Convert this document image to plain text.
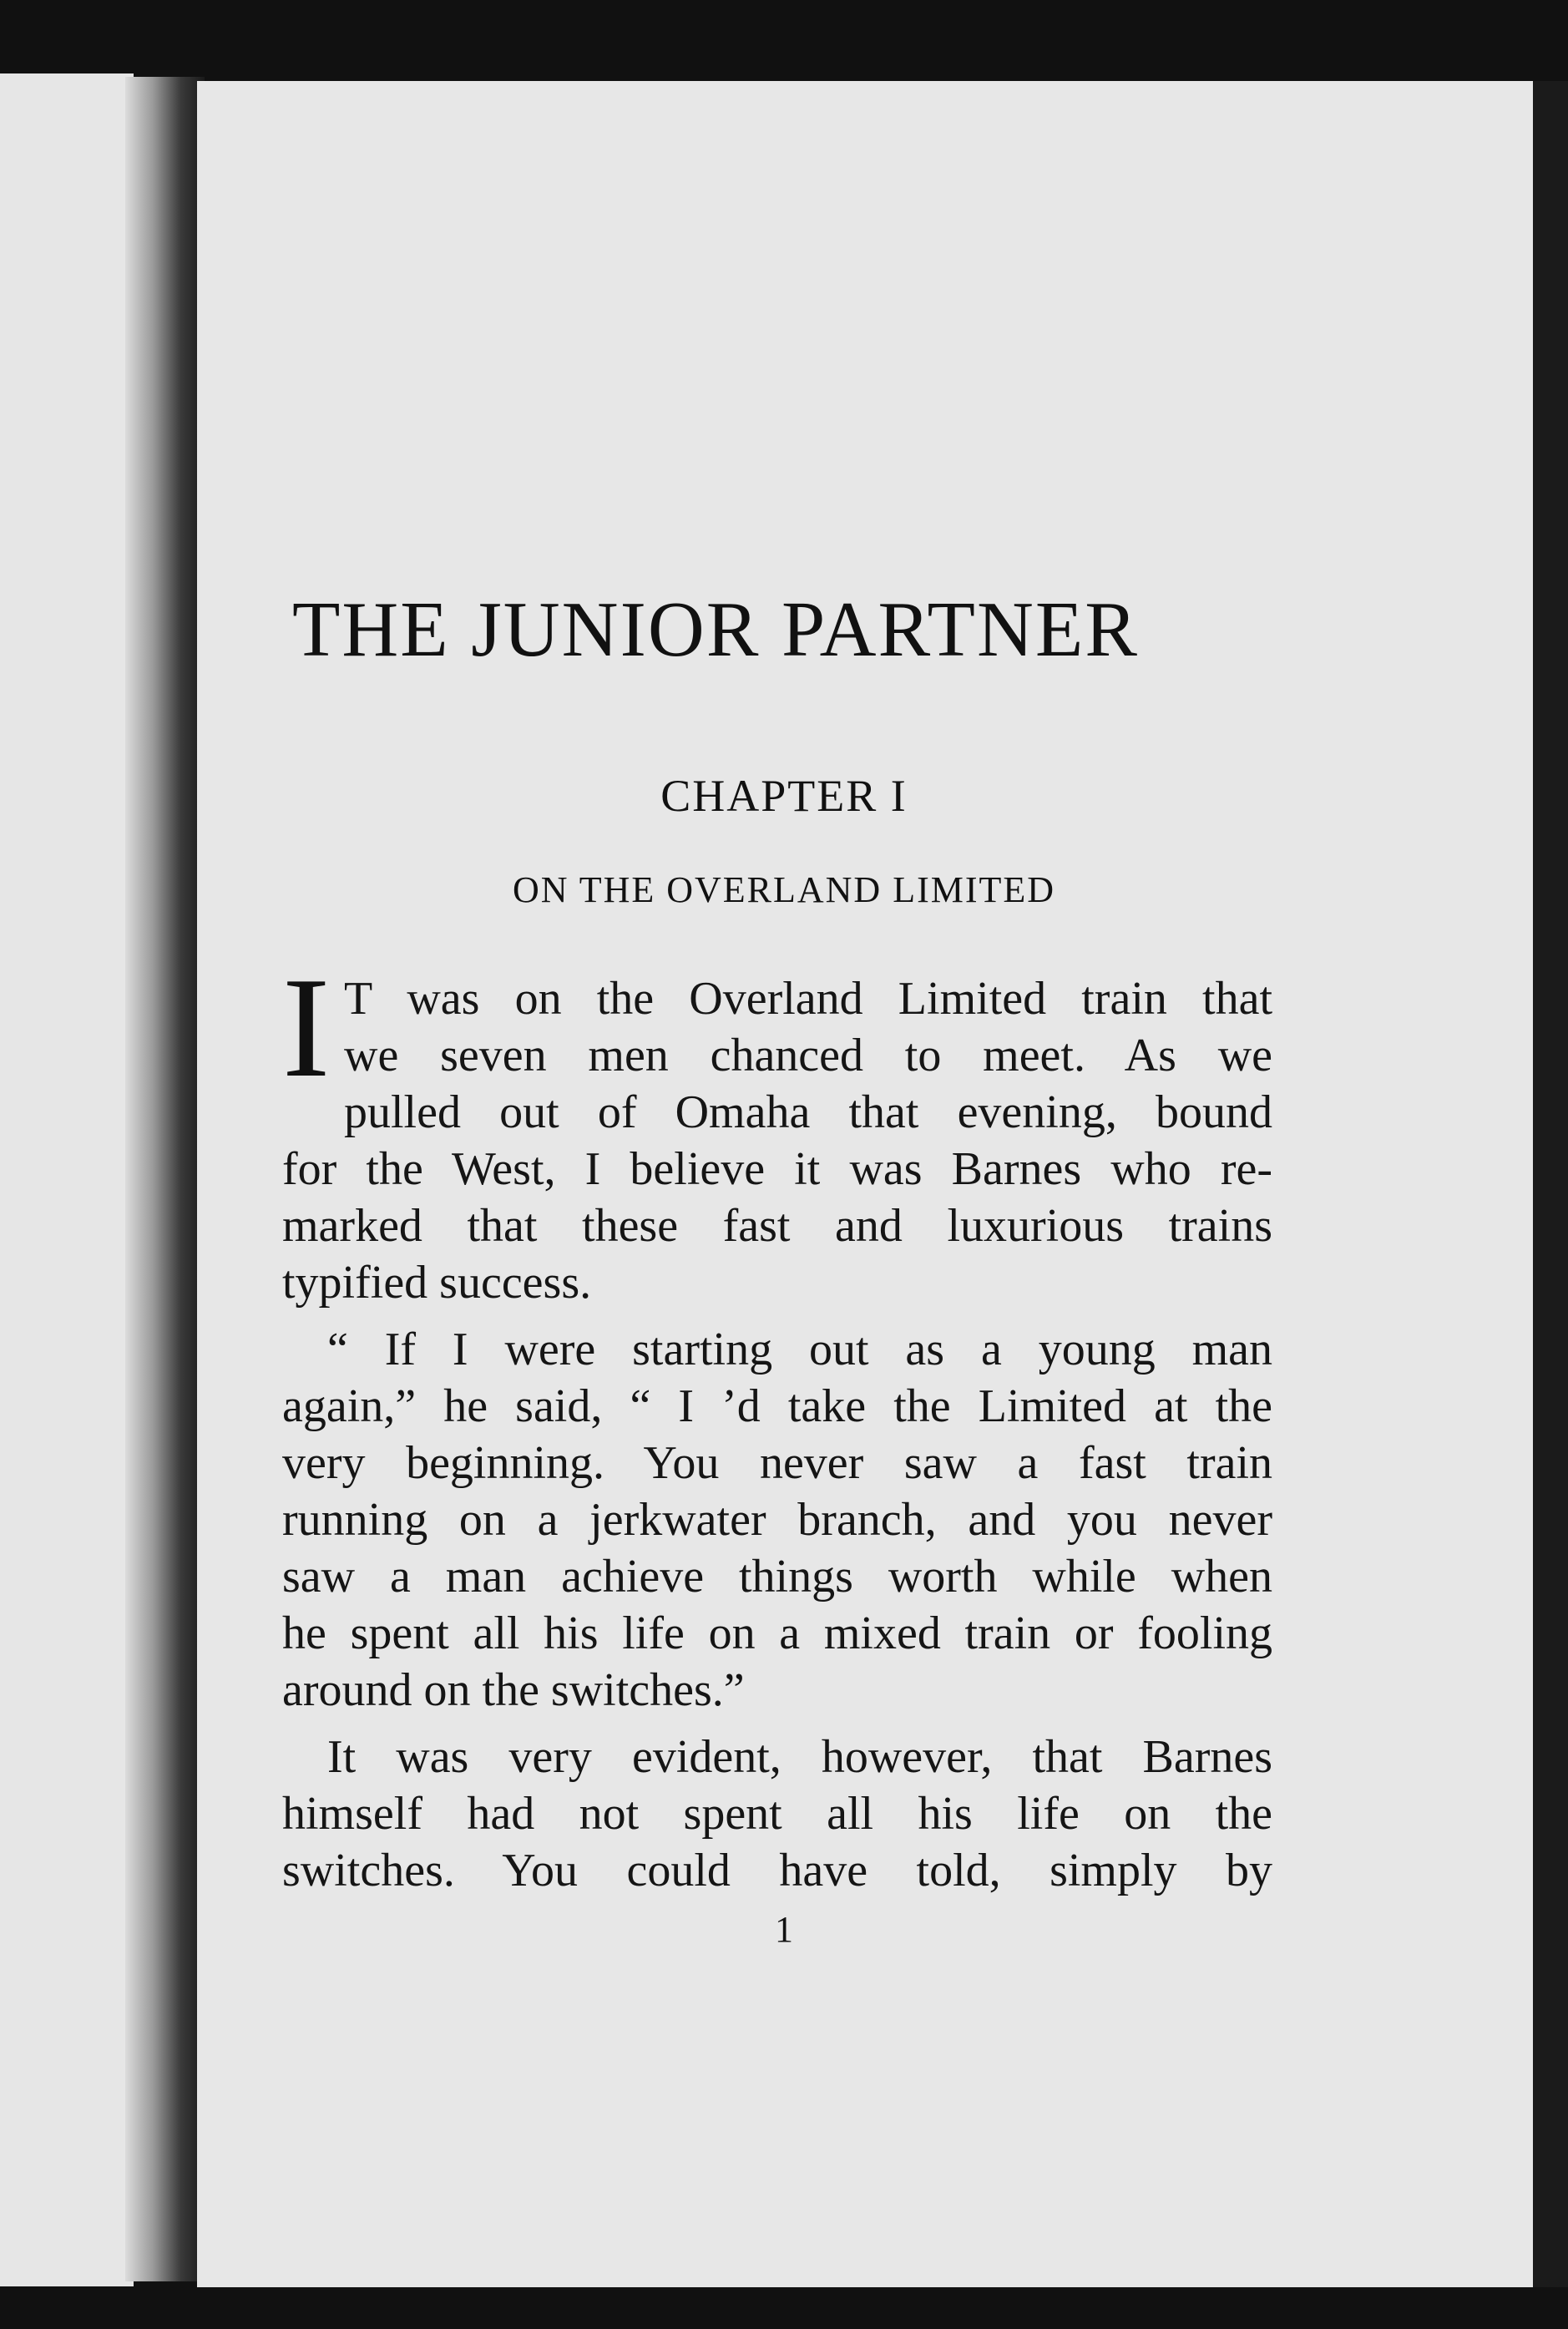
THE JUNIOR PARTNER
CHAPTER I
ON THE OVERLAND LIMITED
I T was on the Overland Limited train that
we seven men chanced to meet. As we
pulled out of Omaha that evening, bound
for the West, I believe it was Barnes who re-
marked that these fast and luxurious trains
typified success.
“ If I were starting out as a young man
again,” he said, “ I ’d take the Limited at the
very beginning. You never saw a fast train
running on a jerkwater branch, and you never
saw a man achieve things worth while when
he spent all his life on a mixed train or fooling
around on the switches.”
It was very evident, however, that Barnes
himself had not spent all his life on the
switches. You could have told, simply by
1
